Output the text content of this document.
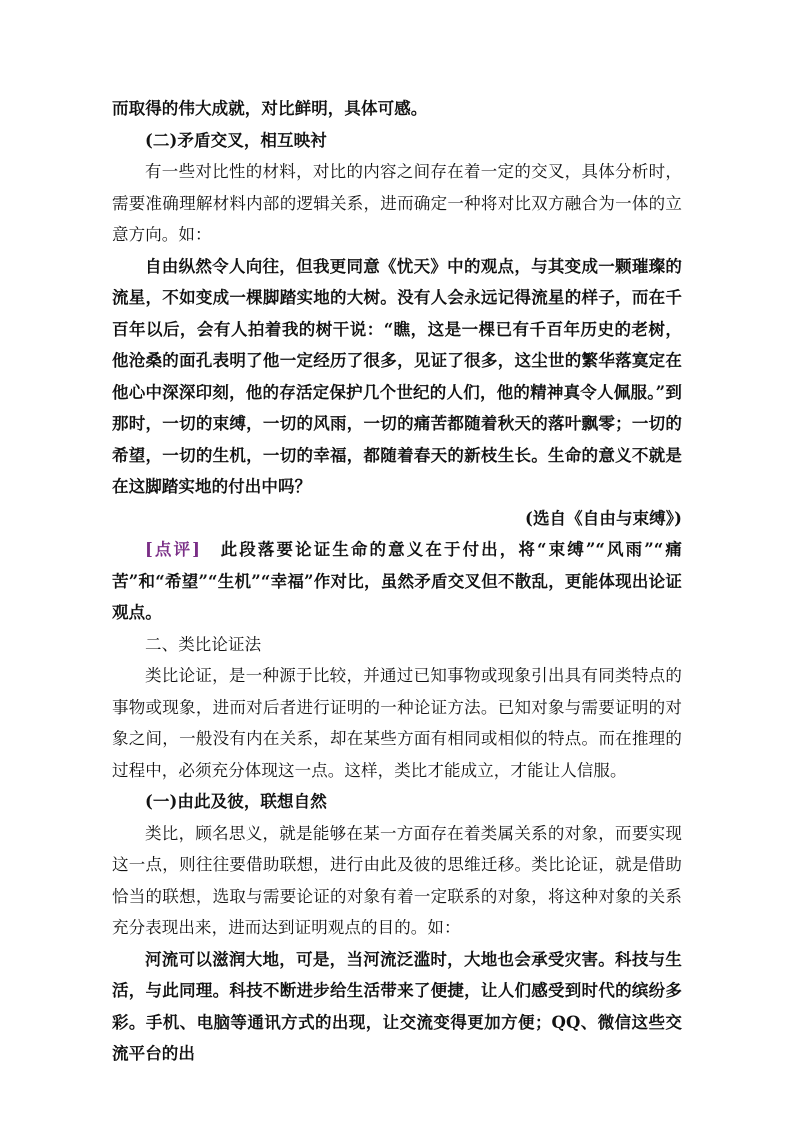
而取得的伟大成就，对比鲜明，具体可感。

(二)矛盾交叉，相互映衬

有一些对比性的材料，对比的内容之间存在着一定的交叉，具体分析时，需要准确理解材料内部的逻辑关系，进而确定一种将对比双方融合为一体的立意方向。如：

自由纵然令人向往，但我更同意《忧天》中的观点，与其变成一颗璀璨的流星，不如变成一棵脚踏实地的大树。没有人会永远记得流星的样子，而在千百年以后，会有人拍着我的树干说：“瞧，这是一棵已有千百年历史的老树，他沧桑的面孔表明了他一定经历了很多，见证了很多，这尘世的繁华落寞定在他心中深深印刻，他的存活定保护几个世纪的人们，他的精神真令人佩服。”到那时，一切的束缚，一切的风雨，一切的痛苦都随着秋天的落叶飘零；一切的希望，一切的生机，一切的幸福，都随着春天的新枝生长。生命的意义不就是在这脚踏实地的付出中吗？

(选自《自由与束缚》)

[点评]　 此段落要论证生命的意义在于付出，将“束缚”“风雨”“痛苦”和“希望”“生机”“幸福”作对比，虽然矛盾交叉但不散乱，更能体现出论证观点。

二、类比论证法

类比论证，是一种源于比较，并通过已知事物或现象引出具有同类特点的事物或现象，进而对后者进行证明的一种论证方法。已知对象与需要证明的对象之间，一般没有内在关系，却在某些方面有相同或相似的特点。而在推理的过程中，必须充分体现这一点。这样，类比才能成立，才能让人信服。

(一)由此及彼，联想自然

类比，顾名思义，就是能够在某一方面存在着类属关系的对象，而要实现这一点，则往往要借助联想，进行由此及彼的思维迁移。类比论证，就是借助恰当的联想，选取与需要论证的对象有着一定联系的对象，将这种对象的关系充分表现出来，进而达到证明观点的目的。如：

河流可以滋润大地，可是，当河流泛滥时，大地也会承受灾害。科技与生活，与此同理。科技不断进步给生活带来了便捷，让人们感受到时代的缤纷多彩。手机、电脑等通讯方式的出现，让交流变得更加方便；QQ、微信这些交流平台的出
